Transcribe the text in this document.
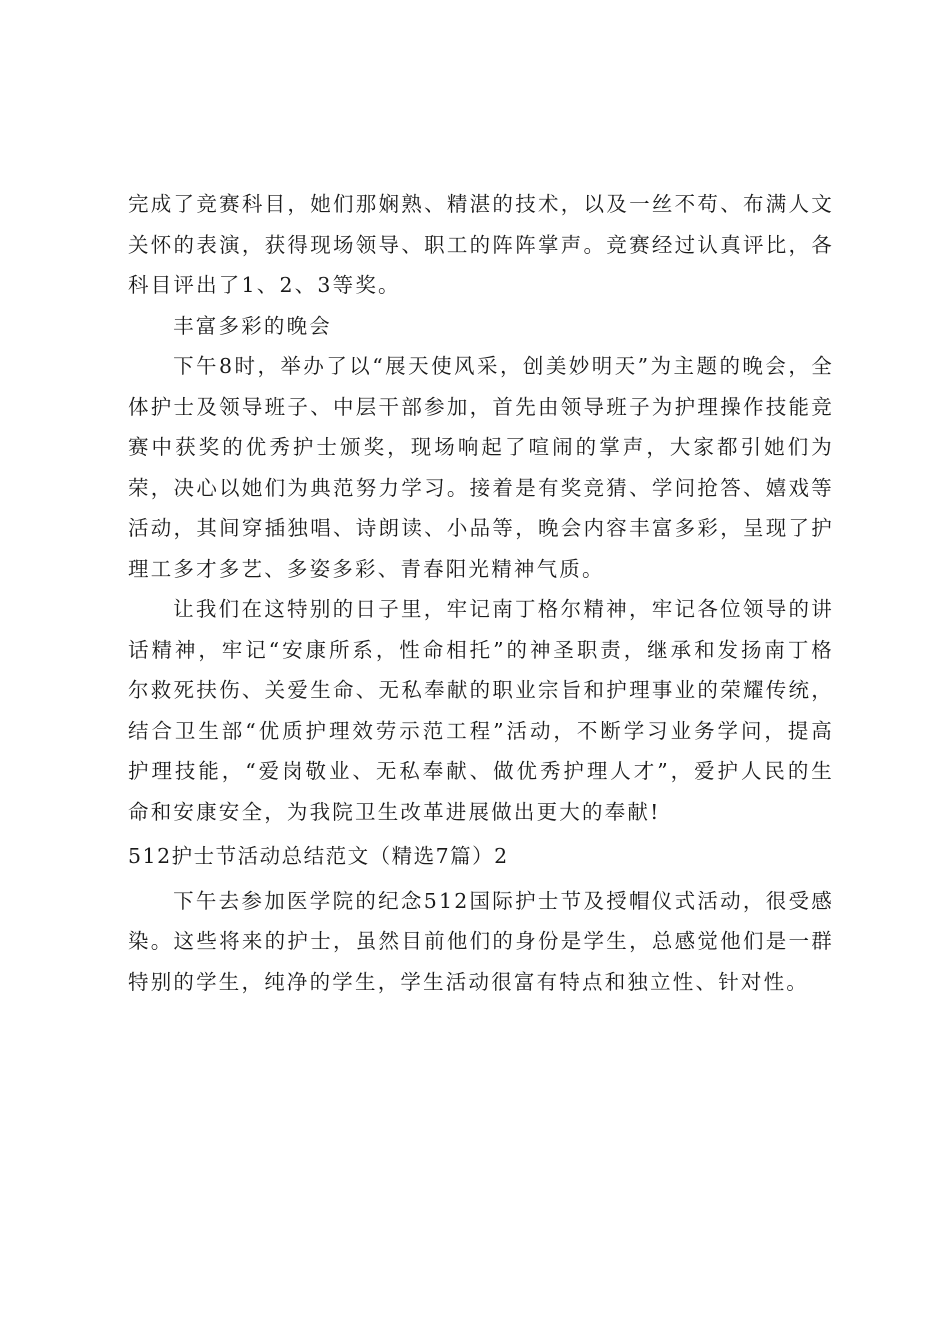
完成了竞赛科目，她们那娴熟、精湛的技术，以及一丝不苟、布满人文关怀的表演，获得现场领导、职工的阵阵掌声。竞赛经过认真评比，各科目评出了1、2、3等奖。

丰富多彩的晚会

下午8时，举办了以“展天使风采，创美妙明天”为主题的晚会，全体护士及领导班子、中层干部参加，首先由领导班子为护理操作技能竞赛中获奖的优秀护士颁奖，现场响起了喧闹的掌声，大家都引她们为荣，决心以她们为典范努力学习。接着是有奖竞猜、学问抢答、嬉戏等活动，其间穿插独唱、诗朗读、小品等，晚会内容丰富多彩，呈现了护理工多才多艺、多姿多彩、青春阳光精神气质。

让我们在这特别的日子里，牢记南丁格尔精神，牢记各位领导的讲话精神，牢记“安康所系，性命相托”的神圣职责，继承和发扬南丁格尔救死扶伤、关爱生命、无私奉献的职业宗旨和护理事业的荣耀传统，结合卫生部“优质护理效劳示范工程”活动，不断学习业务学问，提高护理技能，“爱岗敬业、无私奉献、做优秀护理人才”，爱护人民的生命和安康安全，为我院卫生改革进展做出更大的奉献!

512护士节活动总结范文（精选7篇）2

下午去参加医学院的纪念512国际护士节及授帽仪式活动，很受感染。这些将来的护士，虽然目前他们的身份是学生，总感觉他们是一群特别的学生，纯净的学生，学生活动很富有特点和独立性、针对性。
